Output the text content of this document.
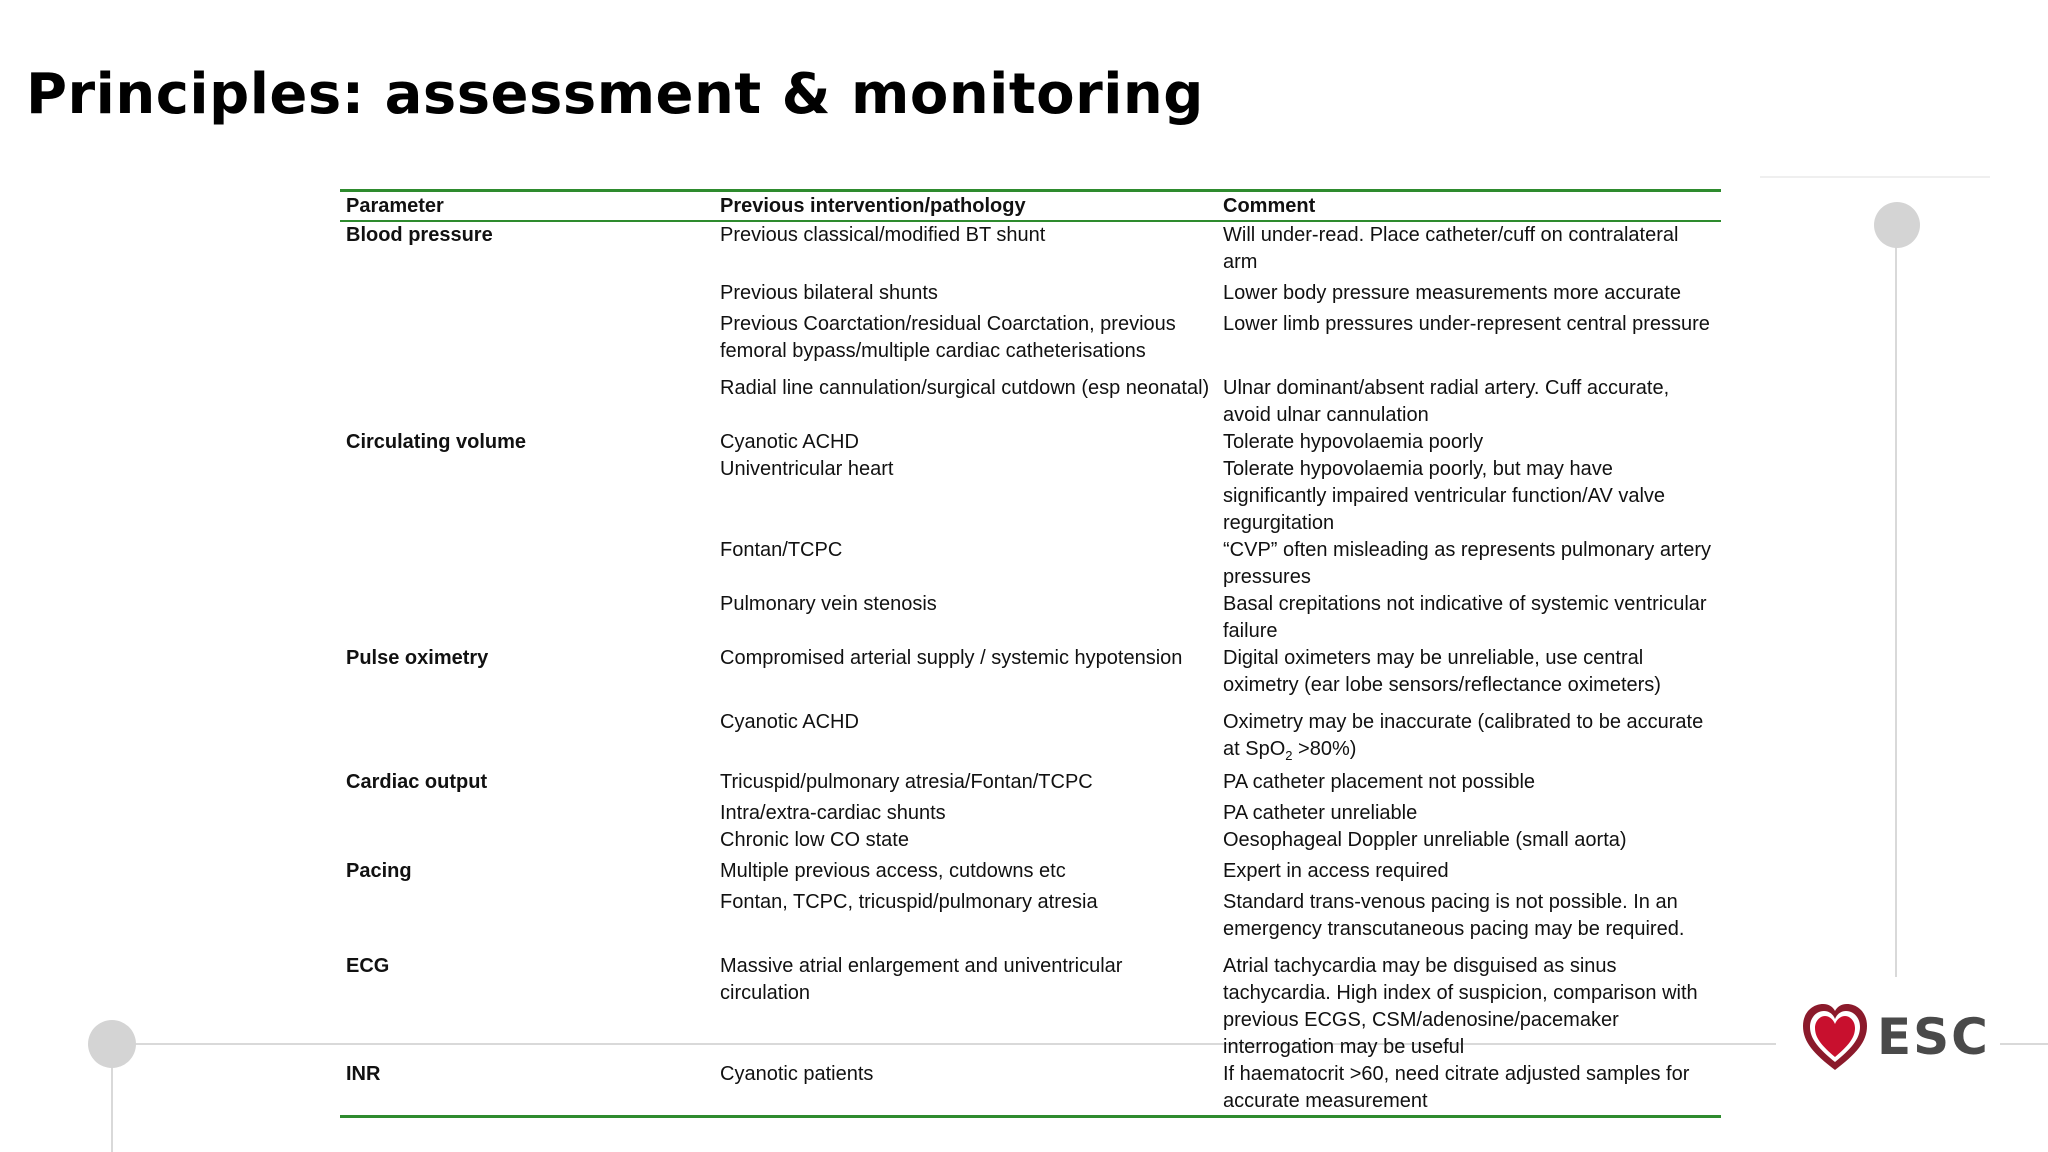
Principles: assessment & monitoring
Parameter	Previous intervention/pathology	Comment
Blood pressure	Previous classical/modified BT shunt	Will under-read. Place catheter/cuff on contralateral arm
	Previous bilateral shunts	Lower body pressure measurements more accurate
	Previous Coarctation/residual Coarctation, previous femoral bypass/multiple cardiac catheterisations	Lower limb pressures under-represent central pressure
	Radial line cannulation/surgical cutdown (esp neonatal)	Ulnar dominant/absent radial artery. Cuff accurate, avoid ulnar cannulation
Circulating volume	Cyanotic ACHD	Tolerate hypovolaemia poorly
	Univentricular heart	Tolerate hypovolaemia poorly, but may have significantly impaired ventricular function/AV valve regurgitation
	Fontan/TCPC	“CVP” often misleading as represents pulmonary artery pressures
	Pulmonary vein stenosis	Basal crepitations not indicative of systemic ventricular failure
Pulse oximetry	Compromised arterial supply / systemic hypotension	Digital oximeters may be unreliable, use central oximetry (ear lobe sensors/reflectance oximeters)
	Cyanotic ACHD	Oximetry may be inaccurate (calibrated to be accurate at SpO$_2$ >80%)
Cardiac output	Tricuspid/pulmonary atresia/Fontan/TCPC	PA catheter placement not possible
	Intra/extra-cardiac shunts	PA catheter unreliable
	Chronic low CO state	Oesophageal Doppler unreliable (small aorta)
Pacing	Multiple previous access, cutdowns etc	Expert in access required
	Fontan, TCPC, tricuspid/pulmonary atresia	Standard trans-venous pacing is not possible. In an emergency transcutaneous pacing may be required.
ECG	Massive atrial enlargement and univentricular circulation	Atrial tachycardia may be disguised as sinus tachycardia. High index of suspicion, comparison with previous ECGS, CSM/adenosine/pacemaker interrogation may be useful
INR	Cyanotic patients	If haematocrit >60, need citrate adjusted samples for accurate measurement
ESC
